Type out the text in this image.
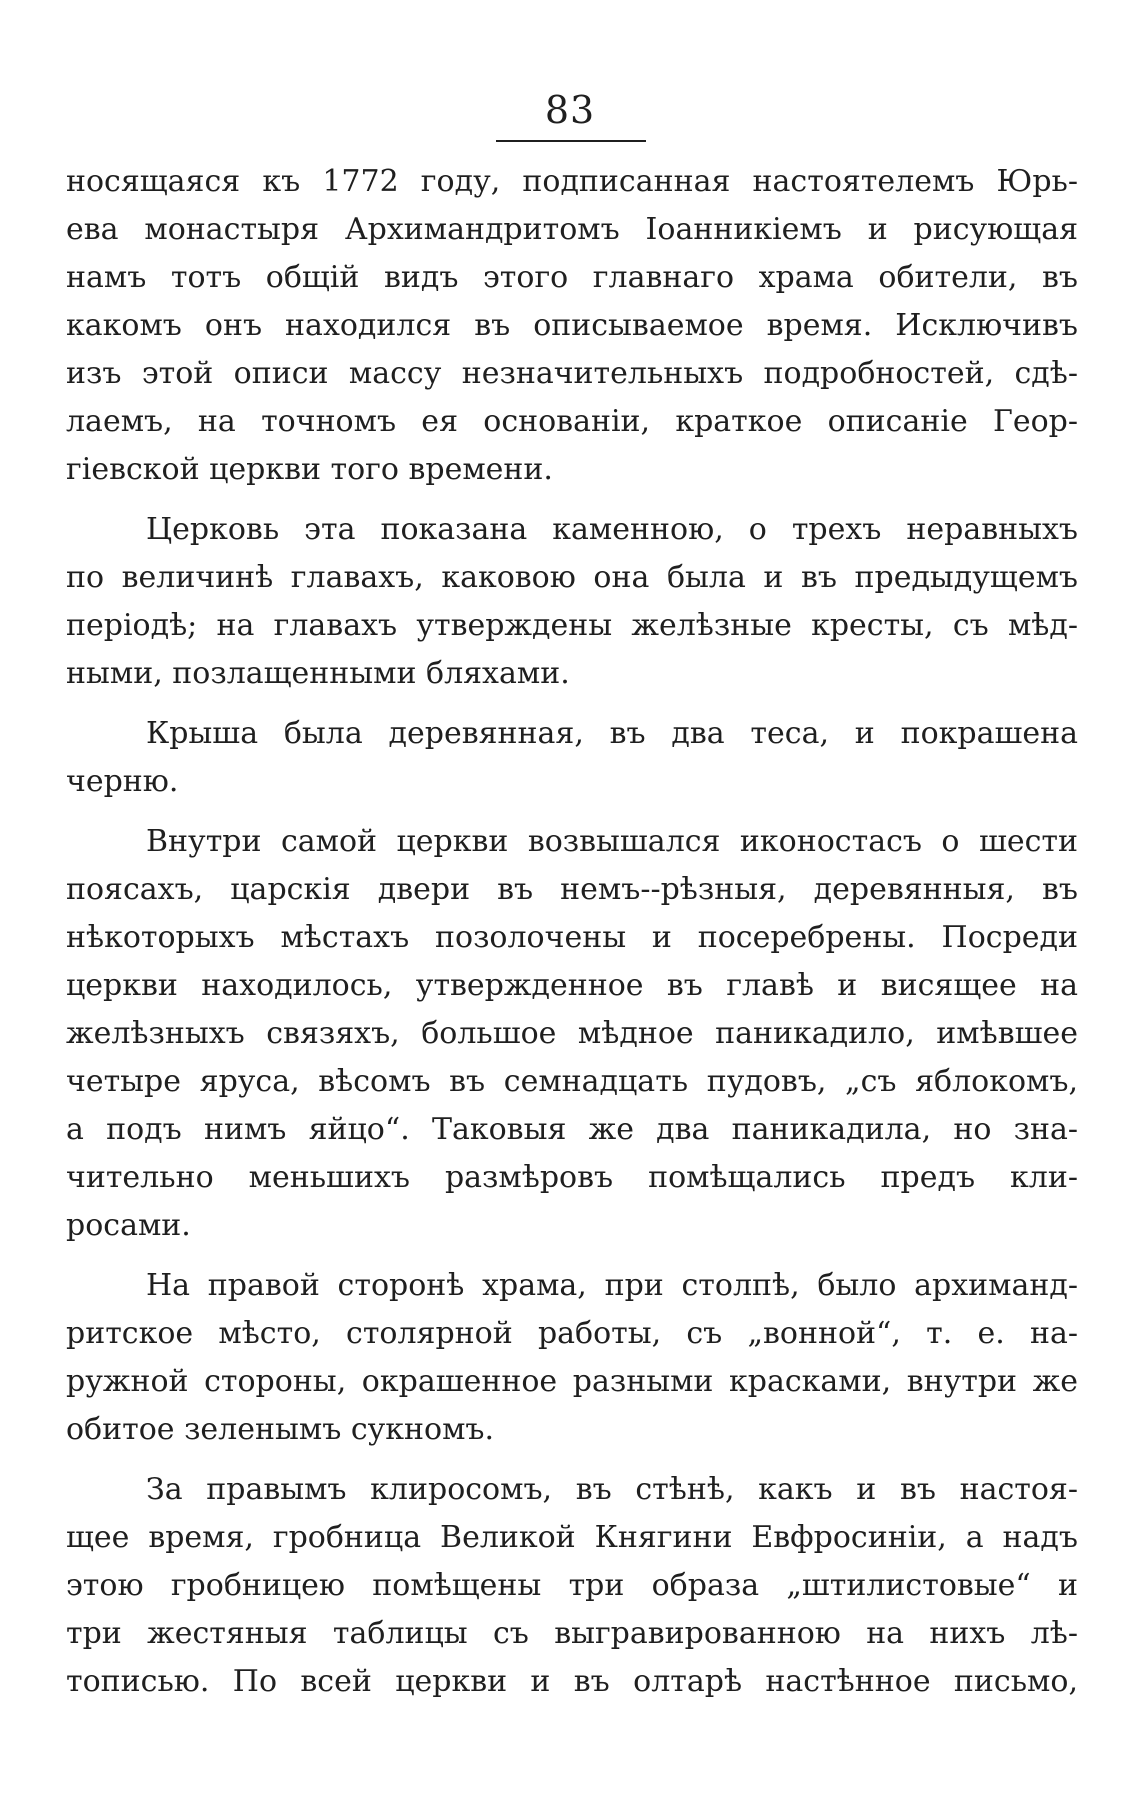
83
носящаяся къ 1772 году, подписанная настоятелемъ Юрь-
ева монастыря Архимандритомъ Іоанникіемъ и рисующая
намъ тотъ общій видъ этого главнаго храма обители, въ
какомъ онъ находился въ описываемое время. Исключивъ
изъ этой описи массу незначительныхъ подробностей, сдѣ-
лаемъ, на точномъ ея основаніи, краткое описаніе Геор-
гіевской церкви того времени.
Церковь эта показана каменною, о трехъ неравныхъ
по величинѣ главахъ, каковою она была и въ предыдущемъ
періодѣ; на главахъ утверждены желѣзные кресты, съ мѣд-
ными, позлащенными бляхами.
Крыша была деревянная, въ два теса, и покрашена
черню.
Внутри самой церкви возвышался иконостасъ о шести
поясахъ, царскія двери въ немъ--рѣзныя, деревянныя, въ
нѣкоторыхъ мѣстахъ позолочены и посеребрены. Посреди
церкви находилось, утвержденное въ главѣ и висящее на
желѣзныхъ связяхъ, большое мѣдное паникадило, имѣвшее
четыре яруса, вѣсомъ въ семнадцать пудовъ, „съ яблокомъ,
а подъ нимъ яйцо“. Таковыя же два паникадила, но зна-
чительно меньшихъ размѣровъ помѣщались предъ кли-
росами.
На правой сторонѣ храма, при столпѣ, было архиманд-
ритское мѣсто, столярной работы, съ „вонной“, т. е. на-
ружной стороны, окрашенное разными красками, внутри же
обитое зеленымъ сукномъ.
За правымъ клиросомъ, въ стѣнѣ, какъ и въ настоя-
щее время, гробница Великой Княгини Евфросиніи, а надъ
этою гробницею помѣщены три образа „штилистовые“ и
три жестяныя таблицы съ выгравированною на нихъ лѣ-
тописью. По всей церкви и въ олтарѣ настѣнное письмо,
